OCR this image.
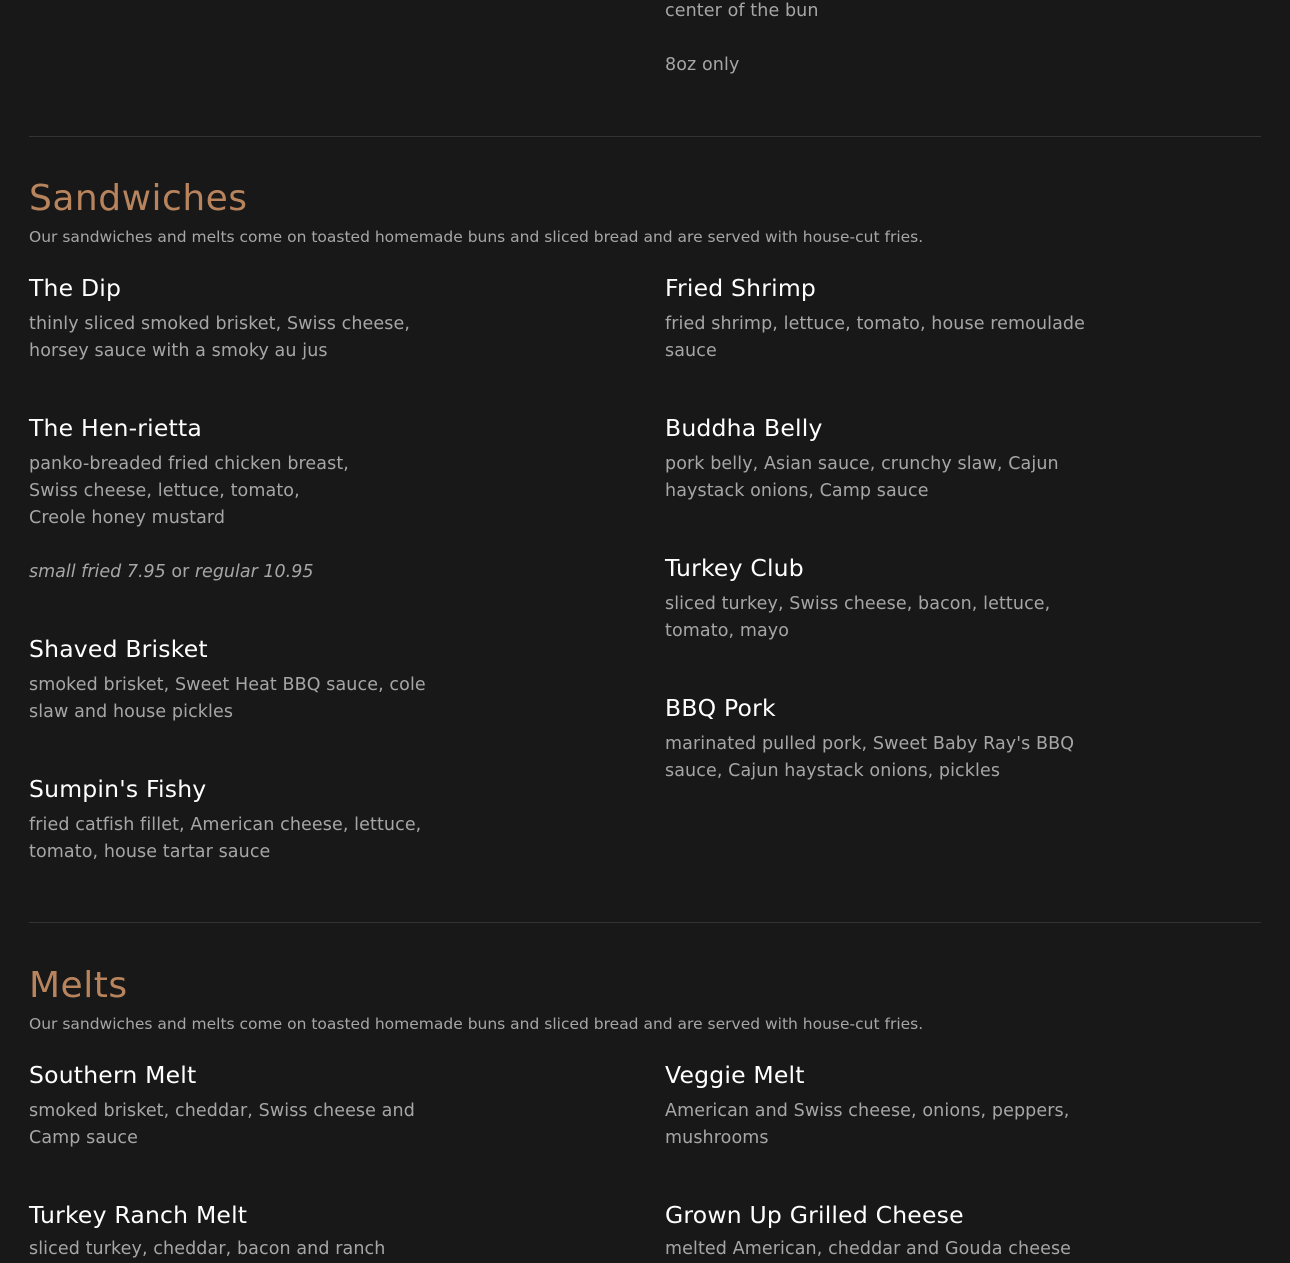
center of the bun
8oz only
Sandwiches
Our sandwiches and melts come on toasted homemade buns and sliced bread and are served with house-cut fries.
The Dip
thinly sliced smoked brisket, Swiss cheese,
horsey sauce with a smoky au jus
Fried Shrimp
fried shrimp, lettuce, tomato, house remoulade
sauce
The Hen-rietta
panko-breaded fried chicken breast,
Swiss cheese, lettuce, tomato,
Creole honey mustard
small fried 7.95 or regular 10.95
Buddha Belly
pork belly, Asian sauce, crunchy slaw, Cajun
haystack onions, Camp sauce
Turkey Club
sliced turkey, Swiss cheese, bacon, lettuce,
tomato, mayo
Shaved Brisket
smoked brisket, Sweet Heat BBQ sauce, cole
slaw and house pickles	BBQ Pork
marinated pulled pork, Sweet Baby Ray's BBQ
sauce, Cajun haystack onions, pickles
Sumpin's Fishy
fried catfish fillet, American cheese, lettuce,
tomato, house tartar sauce
Melts
Our sandwiches and melts come on toasted homemade buns and sliced bread and are served with house-cut fries.
Southern Melt
smoked brisket, cheddar, Swiss cheese and
Camp sauce
Veggie Melt
American and Swiss cheese, onions, peppers,
mushrooms
Turkey Ranch Melt
sliced turkey, cheddar, bacon and ranch
Grown Up Grilled Cheese
melted American, cheddar and Gouda cheese
